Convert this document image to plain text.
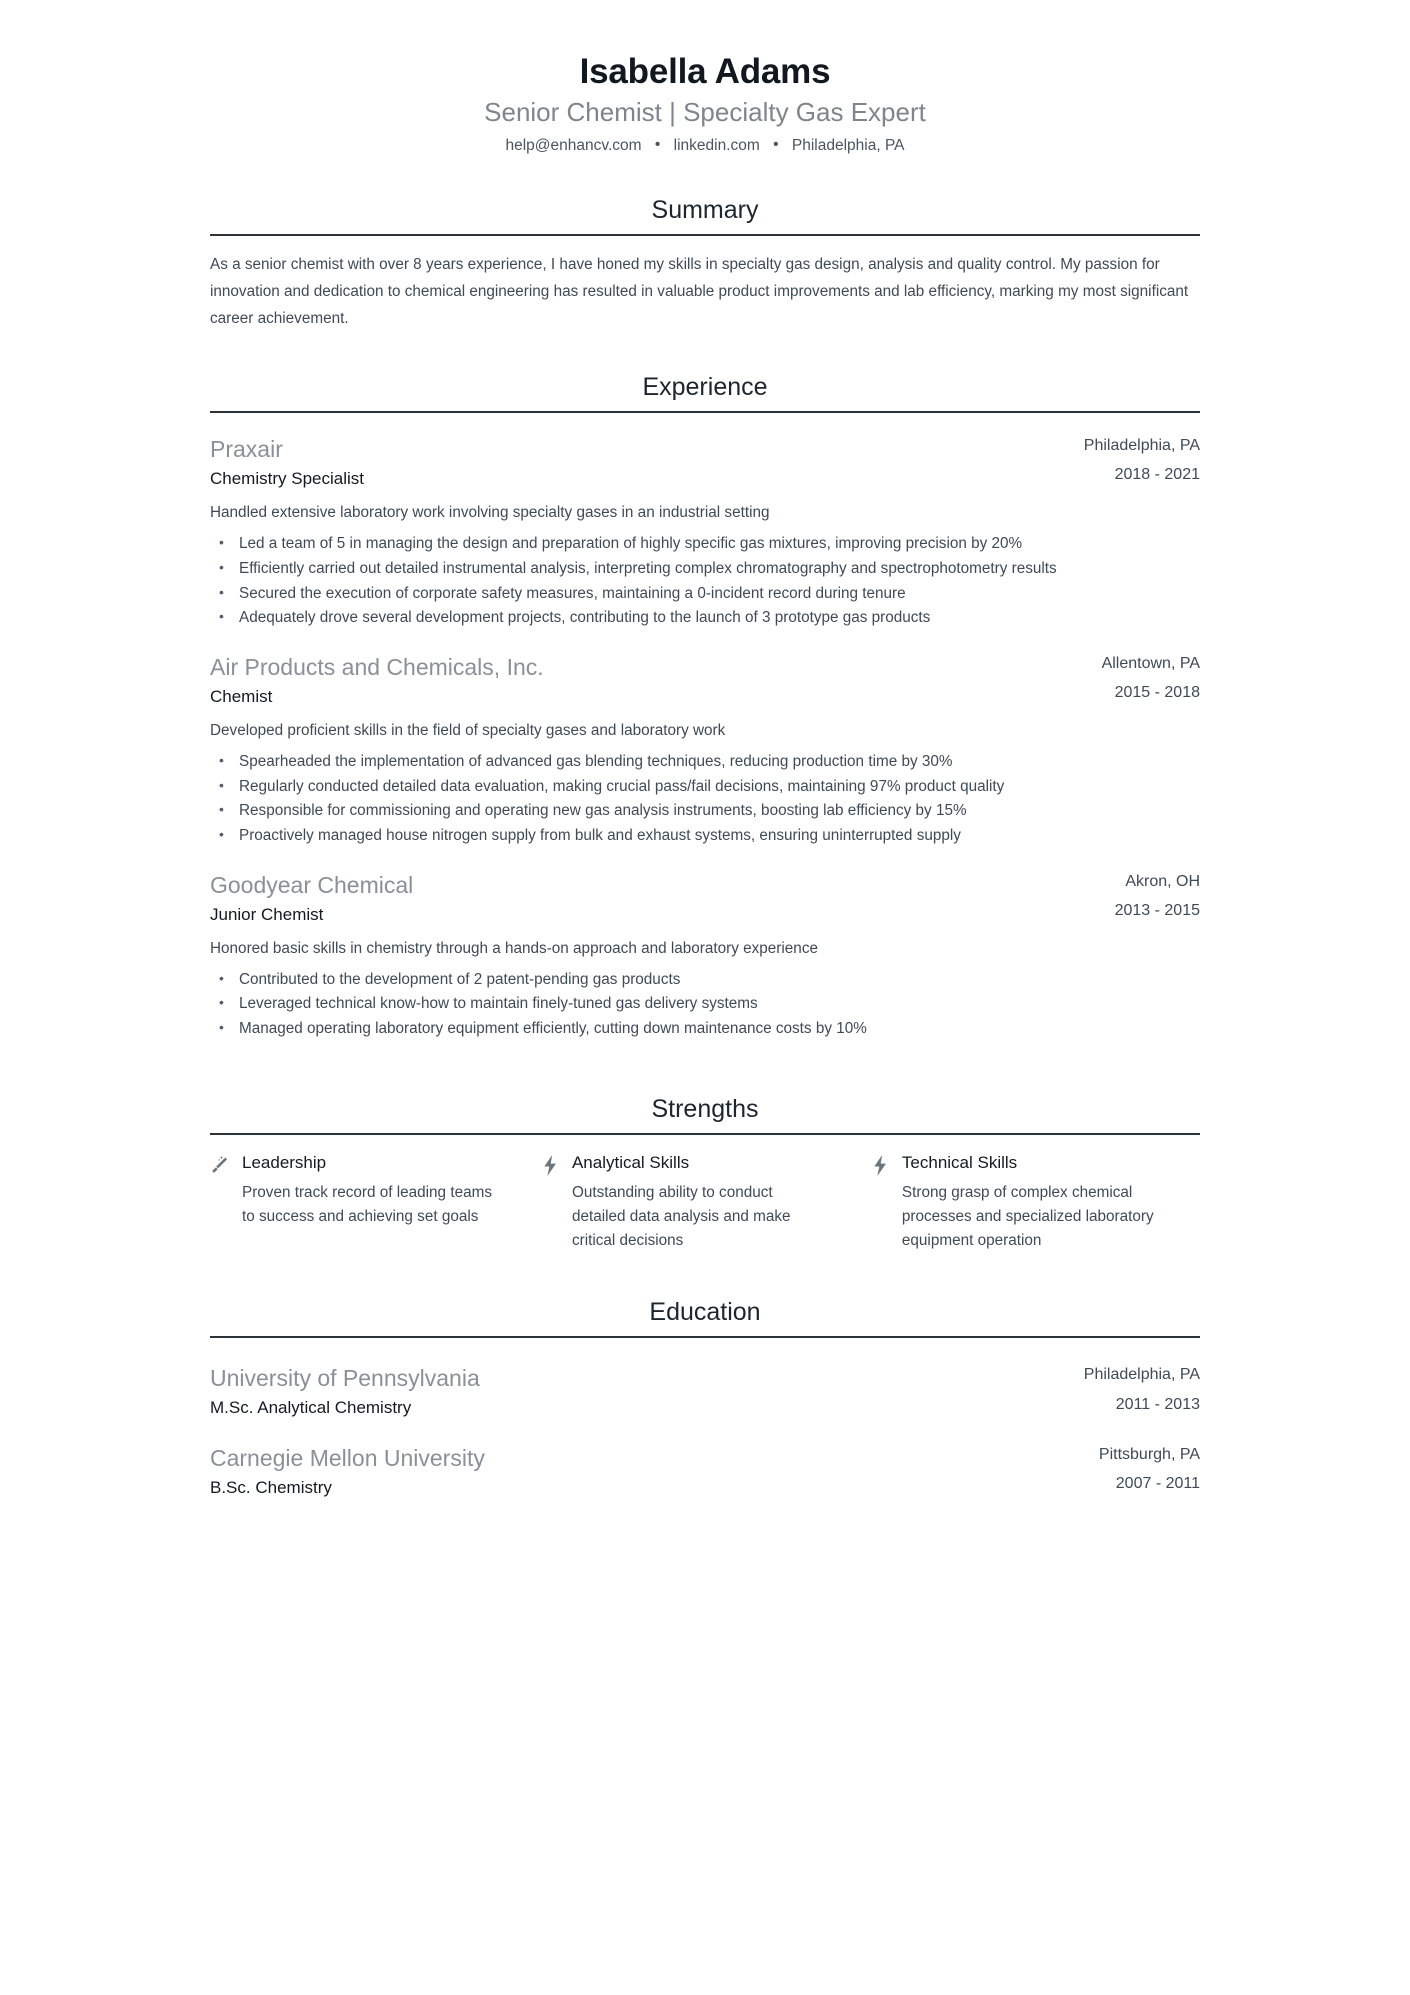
Isabella Adams
Senior Chemist | Specialty Gas Expert
help@enhancv.com • linkedin.com • Philadelphia, PA
Summary
As a senior chemist with over 8 years experience, I have honed my skills in specialty gas design, analysis and quality control. My passion for innovation and dedication to chemical engineering has resulted in valuable product improvements and lab efficiency, marking my most significant career achievement.
Experience
Praxair
Chemistry Specialist
Philadelphia, PA
2018 - 2021
Handled extensive laboratory work involving specialty gases in an industrial setting
• Led a team of 5 in managing the design and preparation of highly specific gas mixtures, improving precision by 20%
• Efficiently carried out detailed instrumental analysis, interpreting complex chromatography and spectrophotometry results
• Secured the execution of corporate safety measures, maintaining a 0-incident record during tenure
• Adequately drove several development projects, contributing to the launch of 3 prototype gas products
Air Products and Chemicals, Inc.
Chemist
Allentown, PA
2015 - 2018
Developed proficient skills in the field of specialty gases and laboratory work
• Spearheaded the implementation of advanced gas blending techniques, reducing production time by 30%
• Regularly conducted detailed data evaluation, making crucial pass/fail decisions, maintaining 97% product quality
• Responsible for commissioning and operating new gas analysis instruments, boosting lab efficiency by 15%
• Proactively managed house nitrogen supply from bulk and exhaust systems, ensuring uninterrupted supply
Goodyear Chemical
Junior Chemist
Akron, OH
2013 - 2015
Honored basic skills in chemistry through a hands-on approach and laboratory experience
• Contributed to the development of 2 patent-pending gas products
• Leveraged technical know-how to maintain finely-tuned gas delivery systems
• Managed operating laboratory equipment efficiently, cutting down maintenance costs by 10%
Strengths
Leadership
Proven track record of leading teams to success and achieving set goals
Analytical Skills
Outstanding ability to conduct detailed data analysis and make critical decisions
Technical Skills
Strong grasp of complex chemical processes and specialized laboratory equipment operation
Education
University of Pennsylvania
M.Sc. Analytical Chemistry
Philadelphia, PA
2011 - 2013
Carnegie Mellon University
B.Sc. Chemistry
Pittsburgh, PA
2007 - 2011
